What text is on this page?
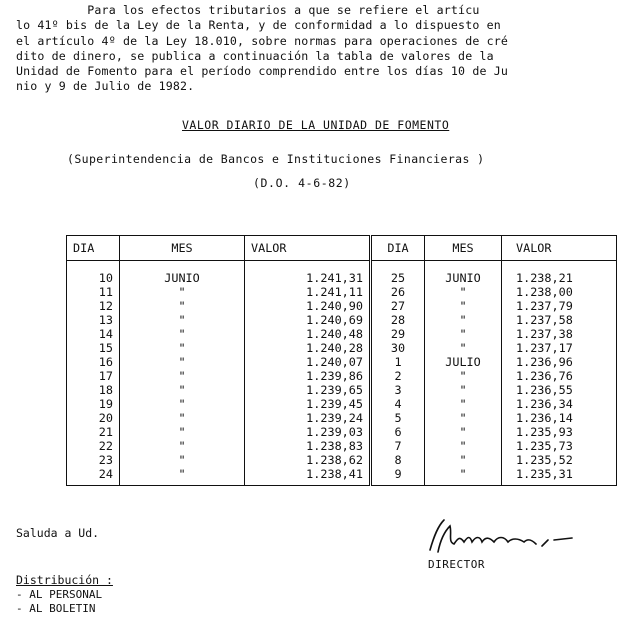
Para los efectos tributarios a que se refiere el artícu
lo 41º bis de la Ley de la Renta, y de conformidad a lo dispuesto en
el artículo 4º de la Ley 18.010, sobre normas para operaciones de cré
dito de dinero, se publica a continuación la tabla de valores de la
Unidad de Fomento para el período comprendido entre los días 10 de Ju
nio y 9 de Julio de 1982.
VALOR DIARIO DE LA UNIDAD DE FOMENTO
(Superintendencia de Bancos e Instituciones Financieras )
(D.O. 4-6-82)
DIA	MES	VALOR	DIA	MES	VALOR

10	JUNIO	1.241,31	25	JUNIO	1.238,21
11	"	1.241,11	26	"	1.238,00
12	"	1.240,90	27	"	1.237,79
13	"	1.240,69	28	"	1.237,58
14	"	1.240,48	29	"	1.237,38
15	"	1.240,28	30	"	1.237,17
16	"	1.240,07	1	JULIO	1.236,96
17	"	1.239,86	2	"	1.236,76
18	"	1.239,65	3	"	1.236,55
19	"	1.239,45	4	"	1.236,34
20	"	1.239,24	5	"	1.236,14
21	"	1.239,03	6	"	1.235,93
22	"	1.238,83	7	"	1.235,73
23	"	1.238,62	8	"	1.235,52
24	"	1.238,41	9	"	1.235,31
Saluda a Ud.
DIRECTOR
Distribución :
- AL PERSONAL
- AL BOLETIN
